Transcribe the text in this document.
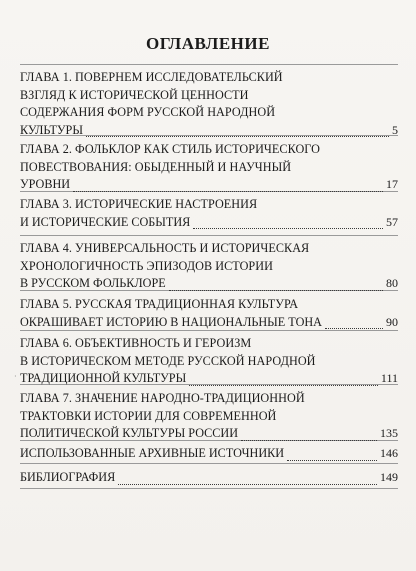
ОГЛАВЛЕНИЕ
ГЛАВА 1. ПОВЕРНЕМ ИССЛЕДОВАТЕЛЬСКИЙ
ВЗГЛЯД К ИСТОРИЧЕСКОЙ ЦЕННОСТИ
СОДЕРЖАНИЯ ФОРМ РУССКОЙ НАРОДНОЙ
КУЛЬТУРЫ	5
ГЛАВА 2. ФОЛЬКЛОР КАК СТИЛЬ ИСТОРИЧЕСКОГО
ПОВЕСТВОВАНИЯ: ОБЫДЕННЫЙ И НАУЧНЫЙ
УРОВНИ	17
ГЛАВА 3. ИСТОРИЧЕСКИЕ НАСТРОЕНИЯ
И ИСТОРИЧЕСКИЕ СОБЫТИЯ	57
ГЛАВА 4. УНИВЕРСАЛЬНОСТЬ И ИСТОРИЧЕСКАЯ
ХРОНОЛОГИЧНОСТЬ ЭПИЗОДОВ ИСТОРИИ
В РУССКОМ ФОЛЬКЛОРЕ	80
ГЛАВА 5. РУССКАЯ ТРАДИЦИОННАЯ КУЛЬТУРА
ОКРАШИВАЕТ ИСТОРИЮ В НАЦИОНАЛЬНЫЕ ТОНА	90
ГЛАВА 6. ОБЪЕКТИВНОСТЬ И ГЕРОИЗМ
В ИСТОРИЧЕСКОМ МЕТОДЕ РУССКОЙ НАРОДНОЙ
ТРАДИЦИОННОЙ КУЛЬТУРЫ	111
ГЛАВА 7. ЗНАЧЕНИЕ НАРОДНО-ТРАДИЦИОННОЙ
ТРАКТОВКИ ИСТОРИИ ДЛЯ СОВРЕМЕННОЙ
ПОЛИТИЧЕСКОЙ КУЛЬТУРЫ РОССИИ	135
ИСПОЛЬЗОВАННЫЕ АРХИВНЫЕ ИСТОЧНИКИ	146
БИБЛИОГРАФИЯ	149
·
